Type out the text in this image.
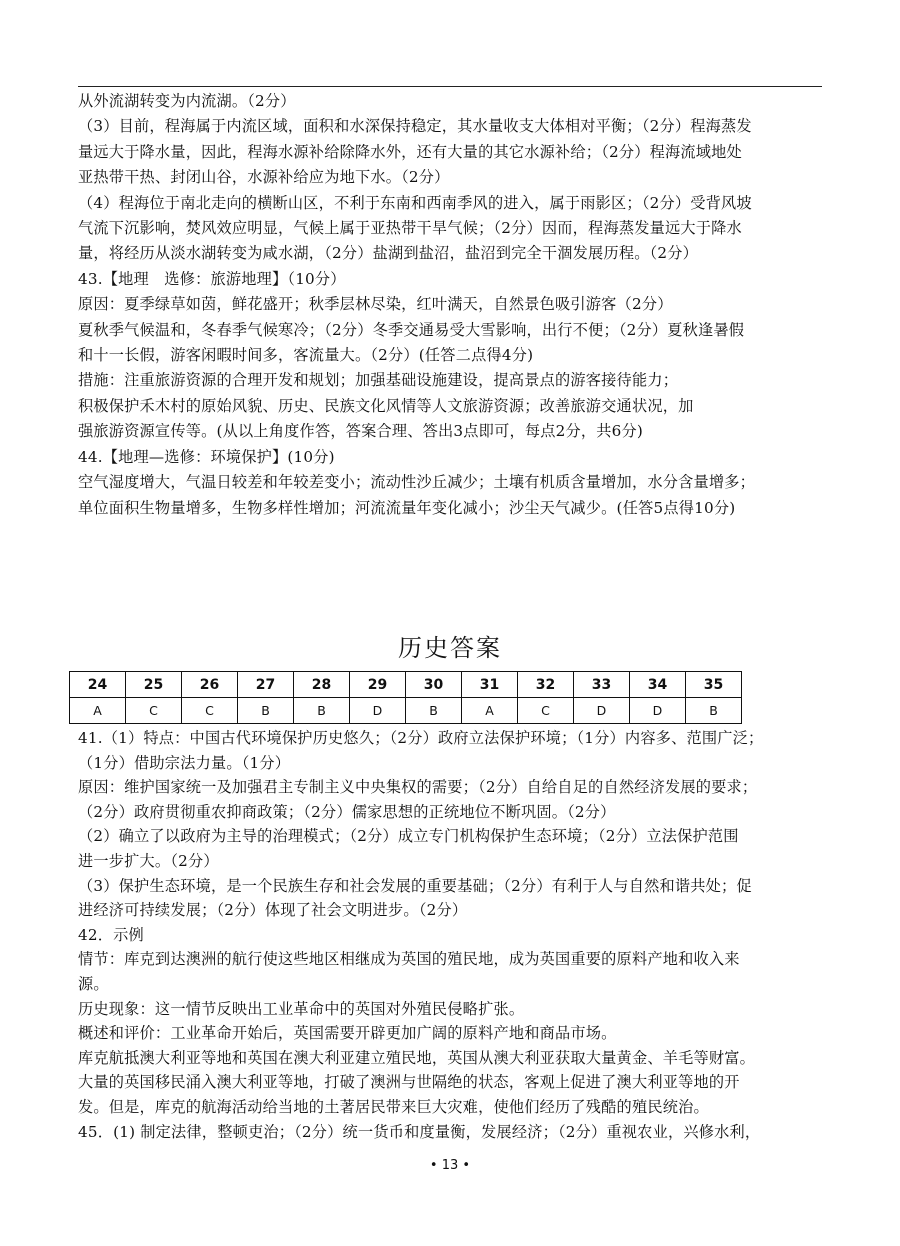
从外流湖转变为内流湖。（2分）

（3）目前，程海属于内流区域，面积和水深保持稳定，其水量收支大体相对平衡；（2分）程海蒸发

量远大于降水量，因此，程海水源补给除降水外，还有大量的其它水源补给；（2分）程海流域地处

亚热带干热、封闭山谷，水源补给应为地下水。（2分）

（4）程海位于南北走向的横断山区，不利于东南和西南季风的进入，属于雨影区；（2分）受背风坡

气流下沉影响，焚风效应明显，气候上属于亚热带干旱气候；（2分）因而，程海蒸发量远大于降水

量，将经历从淡水湖转变为咸水湖，（2分）盐湖到盐沼，盐沼到完全干涸发展历程。（2分）

43.【地理　选修：旅游地理】（10分）

原因：夏季绿草如茵，鲜花盛开；秋季层林尽染，红叶满天，自然景色吸引游客（2分）

夏秋季气候温和，冬春季气候寒冷；（2分）冬季交通易受大雪影响，出行不便；（2分）夏秋逢暑假

和十一长假，游客闲暇时间多，客流量大。（2分）(任答二点得4分)

措施：注重旅游资源的合理开发和规划；加强基础设施建设，提高景点的游客接待能力；

积极保护禾木村的原始风貌、历史、民族文化风情等人文旅游资源；改善旅游交通状况，加

强旅游资源宣传等。(从以上角度作答，答案合理、答出3点即可，每点2分，共6分)

44.【地理—选修：环境保护】(10分)

空气湿度增大，气温日较差和年较差变小；流动性沙丘减少；土壤有机质含量增加，水分含量增多；

单位面积生物量增多，生物多样性增加；河流流量年变化减小；沙尘天气减少。(任答5点得10分)

历史答案
24	25	26	27	28	29	30	31	32	33	34	35
A	C	C	B	B	D	B	A	C	D	D	B

41.（1）特点：中国古代环境保护历史悠久；（2分）政府立法保护环境；（1分）内容多、范围广泛；

（1分）借助宗法力量。（1分）

原因：维护国家统一及加强君主专制主义中央集权的需要；（2分）自给自足的自然经济发展的要求；

（2分）政府贯彻重农抑商政策；（2分）儒家思想的正统地位不断巩固。（2分）

（2）确立了以政府为主导的治理模式；（2分）成立专门机构保护生态环境；（2分）立法保护范围

进一步扩大。（2分）

（3）保护生态环境，是一个民族生存和社会发展的重要基础；（2分）有利于人与自然和谐共处；促

进经济可持续发展；（2分）体现了社会文明进步。（2分）

42．示例

情节：库克到达澳洲的航行使这些地区相继成为英国的殖民地，成为英国重要的原料产地和收入来

源。

历史现象：这一情节反映出工业革命中的英国对外殖民侵略扩张。

概述和评价：工业革命开始后，英国需要开辟更加广阔的原料产地和商品市场。

库克航抵澳大利亚等地和英国在澳大利亚建立殖民地，英国从澳大利亚获取大量黄金、羊毛等财富。

大量的英国移民涌入澳大利亚等地，打破了澳洲与世隔绝的状态，客观上促进了澳大利亚等地的开

发。但是，库克的航海活动给当地的土著居民带来巨大灾难，使他们经历了残酷的殖民统治。

45．(1) 制定法律，整顿吏治；（2分）统一货币和度量衡，发展经济；（2分）重视农业，兴修水利，

• 13 •
